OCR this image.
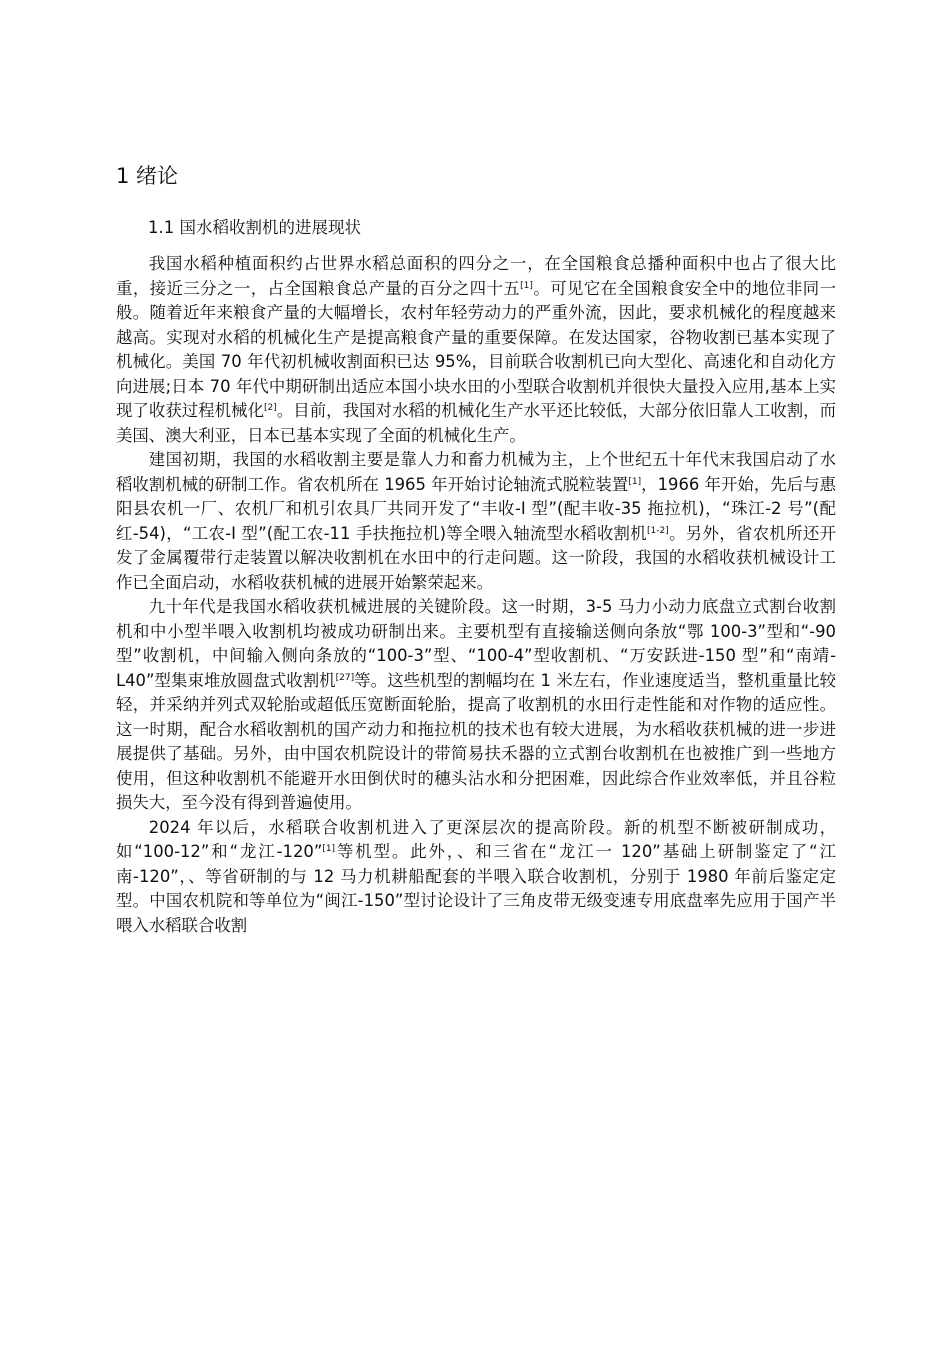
1 绪论
1.1 国水稻收割机的进展现状

我国水稻种植面积约占世界水稻总面积的四分之一，在全国粮食总播种面积中也占了很大比重，接近三分之一，占全国粮食总产量的百分之四十五[1]。可见它在全国粮食安全中的地位非同一般。随着近年来粮食产量的大幅增长，农村年轻劳动力的严重外流，因此，要求机械化的程度越来越高。实现对水稻的机械化生产是提高粮食产量的重要保障。在发达国家，谷物收割已基本实现了机械化。美国 70 年代初机械收割面积已达 95%，目前联合收割机已向大型化、高速化和自动化方向进展;日本 70 年代中期研制出适应本国小块水田的小型联合收割机并很快大量投入应用,基本上实现了收获过程机械化[2]。目前，我国对水稻的机械化生产水平还比较低，大部分依旧靠人工收割，而美国、澳大利亚，日本已基本实现了全面的机械化生产。

建国初期，我国的水稻收割主要是靠人力和畜力机械为主，上个世纪五十年代末我国启动了水稻收割机械的研制工作。省农机所在 1965 年开始讨论轴流式脱粒装置[1]，1966 年开始，先后与惠阳县农机一厂、农机厂和机引农具厂共同开发了“丰收-I 型”(配丰收-35 拖拉机)，“珠江-2 号”(配红-54)，“工农-I 型”(配工农-11 手扶拖拉机)等全喂入轴流型水稻收割机[1-2]。另外，省农机所还开发了金属覆带行走装置以解决收割机在水田中的行走问题。这一阶段，我国的水稻收获机械设计工作已全面启动，水稻收获机械的进展开始繁荣起来。

九十年代是我国水稻收获机械进展的关键阶段。这一时期，3-5 马力小动力底盘立式割台收割机和中小型半喂入收割机均被成功研制出来。主要机型有直接输送侧向条放“鄂 100-3”型和“-90 型”收割机，中间输入侧向条放的“100-3”型、“100-4”型收割机、“万安跃进-150 型”和“南靖-L40”型集束堆放圆盘式收割机[27]等。这些机型的割幅均在 1 米左右，作业速度适当，整机重量比较轻，并采纳并列式双轮胎或超低压宽断面轮胎，提高了收割机的水田行走性能和对作物的适应性。这一时期，配合水稻收割机的国产动力和拖拉机的技术也有较大进展，为水稻收获机械的进一步进展提供了基础。另外，由中国农机院设计的带简易扶禾器的立式割台收割机在也被推广到一些地方使用，但这种收割机不能避开水田倒伏时的穗头沾水和分把困难，因此综合作业效率低，并且谷粒损失大，至今没有得到普遍使用。

2024 年以后，水稻联合收割机进入了更深层次的提高阶段。新的机型不断被研制成功，如“100-12”和“龙江-120”[1]等机型。此外，、和三省在“龙江一 120”基础上研制鉴定了“江南-120”，、等省研制的与 12 马力机耕船配套的半喂入联合收割机，分别于 1980 年前后鉴定定型。中国农机院和等单位为“闽江-150”型讨论设计了三角皮带无级变速专用底盘率先应用于国产半喂入水稻联合收割
